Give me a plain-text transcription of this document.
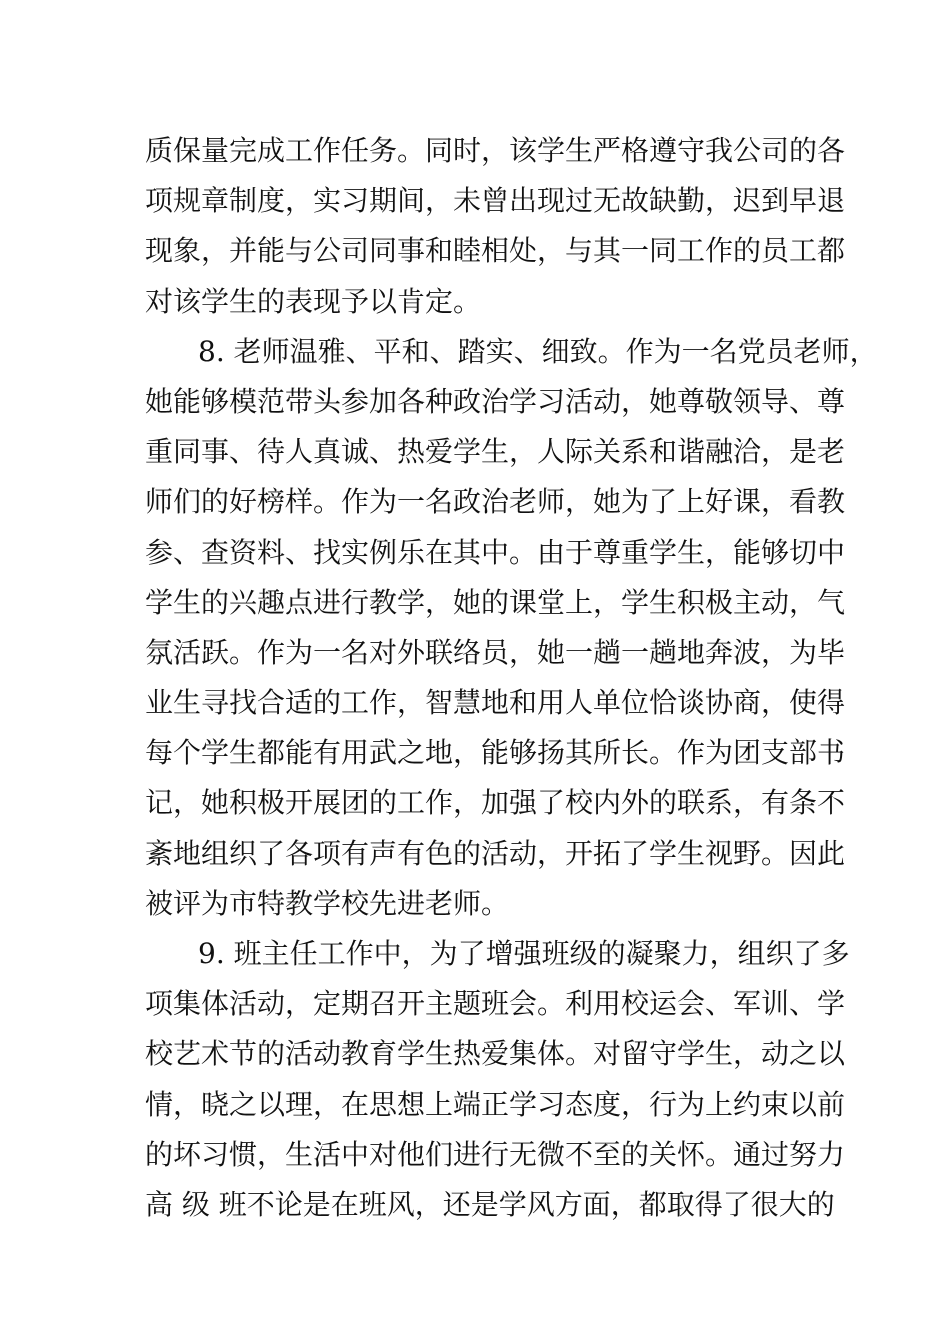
质保量完成工作任务。同时，该学生严格遵守我公司的各
项规章制度，实习期间，未曾出现过无故缺勤，迟到早退
现象，并能与公司同事和睦相处，与其一同工作的员工都
对该学生的表现予以肯定。
8. 老师温雅、平和、踏实、细致。作为一名党员老师，
她能够模范带头参加各种政治学习活动，她尊敬领导、尊
重同事、待人真诚、热爱学生，人际关系和谐融洽，是老
师们的好榜样。作为一名政治老师，她为了上好课，看教
参、查资料、找实例乐在其中。由于尊重学生，能够切中
学生的兴趣点进行教学，她的课堂上，学生积极主动，气
氛活跃。作为一名对外联络员，她一趟一趟地奔波，为毕
业生寻找合适的工作，智慧地和用人单位恰谈协商，使得
每个学生都能有用武之地，能够扬其所长。作为团支部书
记，她积极开展团的工作，加强了校内外的联系，有条不
紊地组织了各项有声有色的活动，开拓了学生视野。因此
被评为市特教学校先进老师。
9. 班主任工作中，为了增强班级的凝聚力，组织了多
项集体活动，定期召开主题班会。利用校运会、军训、学
校艺术节的活动教育学生热爱集体。对留守学生，动之以
情，晓之以理，在思想上端正学习态度，行为上约束以前
的坏习惯，生活中对他们进行无微不至的关怀。通过努力
高 级 班不论是在班风，还是学风方面，都取得了很大的
